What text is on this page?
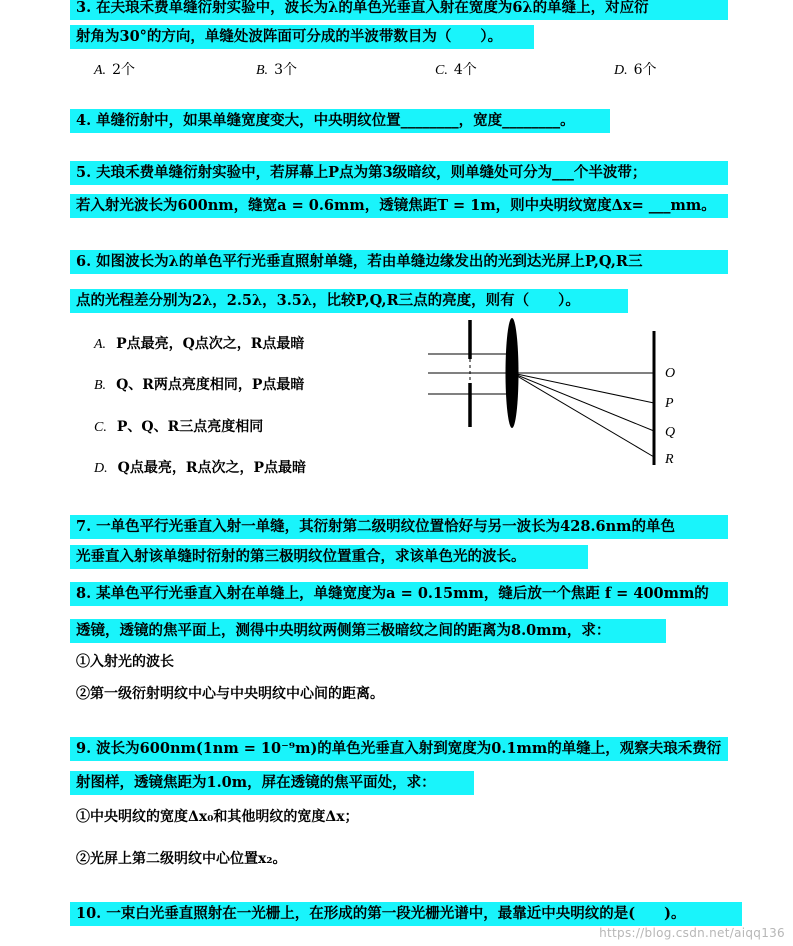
3. 在夫琅禾费单缝衍射实验中，波长为λ的单色光垂直入射在宽度为6λ的单缝上，对应衍
射角为30°的方向，单缝处波阵面可分成的半波带数目为（　　）。
A. 2个	B. 3个	C. 4个	D. 6个
4. 单缝衍射中，如果单缝宽度变大，中央明纹位置________，宽度________。
5. 夫琅禾费单缝衍射实验中，若屏幕上P点为第3级暗纹，则单缝处可分为___个半波带；
若入射光波长为600nm，缝宽a = 0.6mm，透镜焦距T = 1m，则中央明纹宽度Δx= ___mm。
6. 如图波长为λ的单色平行光垂直照射单缝，若由单缝边缘发出的光到达光屏上P,Q,R三
点的光程差分别为2λ，2.5λ，3.5λ，比较P,Q,R三点的亮度，则有（　　）。
A. P点最亮，Q点次之，R点最暗
B. Q、R两点亮度相同，P点最暗
C. P、Q、R三点亮度相同
D. Q点最亮，R点次之，P点最暗
O
P
Q
R
7. 一单色平行光垂直入射一单缝，其衍射第二级明纹位置恰好与另一波长为428.6nm的单色
光垂直入射该单缝时衍射的第三极明纹位置重合，求该单色光的波长。
8. 某单色平行光垂直入射在单缝上，单缝宽度为a = 0.15mm，缝后放一个焦距 f = 400mm的
透镜，透镜的焦平面上，测得中央明纹两侧第三极暗纹之间的距离为8.0mm，求：
①入射光的波长
②第一级衍射明纹中心与中央明纹中心间的距离。
9. 波长为600nm(1nm = 10⁻⁹m)的单色光垂直入射到宽度为0.1mm的单缝上，观察夫琅禾费衍
射图样，透镜焦距为1.0m，屏在透镜的焦平面处，求：
①中央明纹的宽度Δx₀和其他明纹的宽度Δx；
②光屏上第二级明纹中心位置x₂。
10. 一束白光垂直照射在一光栅上，在形成的第一段光栅光谱中，最靠近中央明纹的是(　　)。
https://blog.csdn.net/aiqq136
